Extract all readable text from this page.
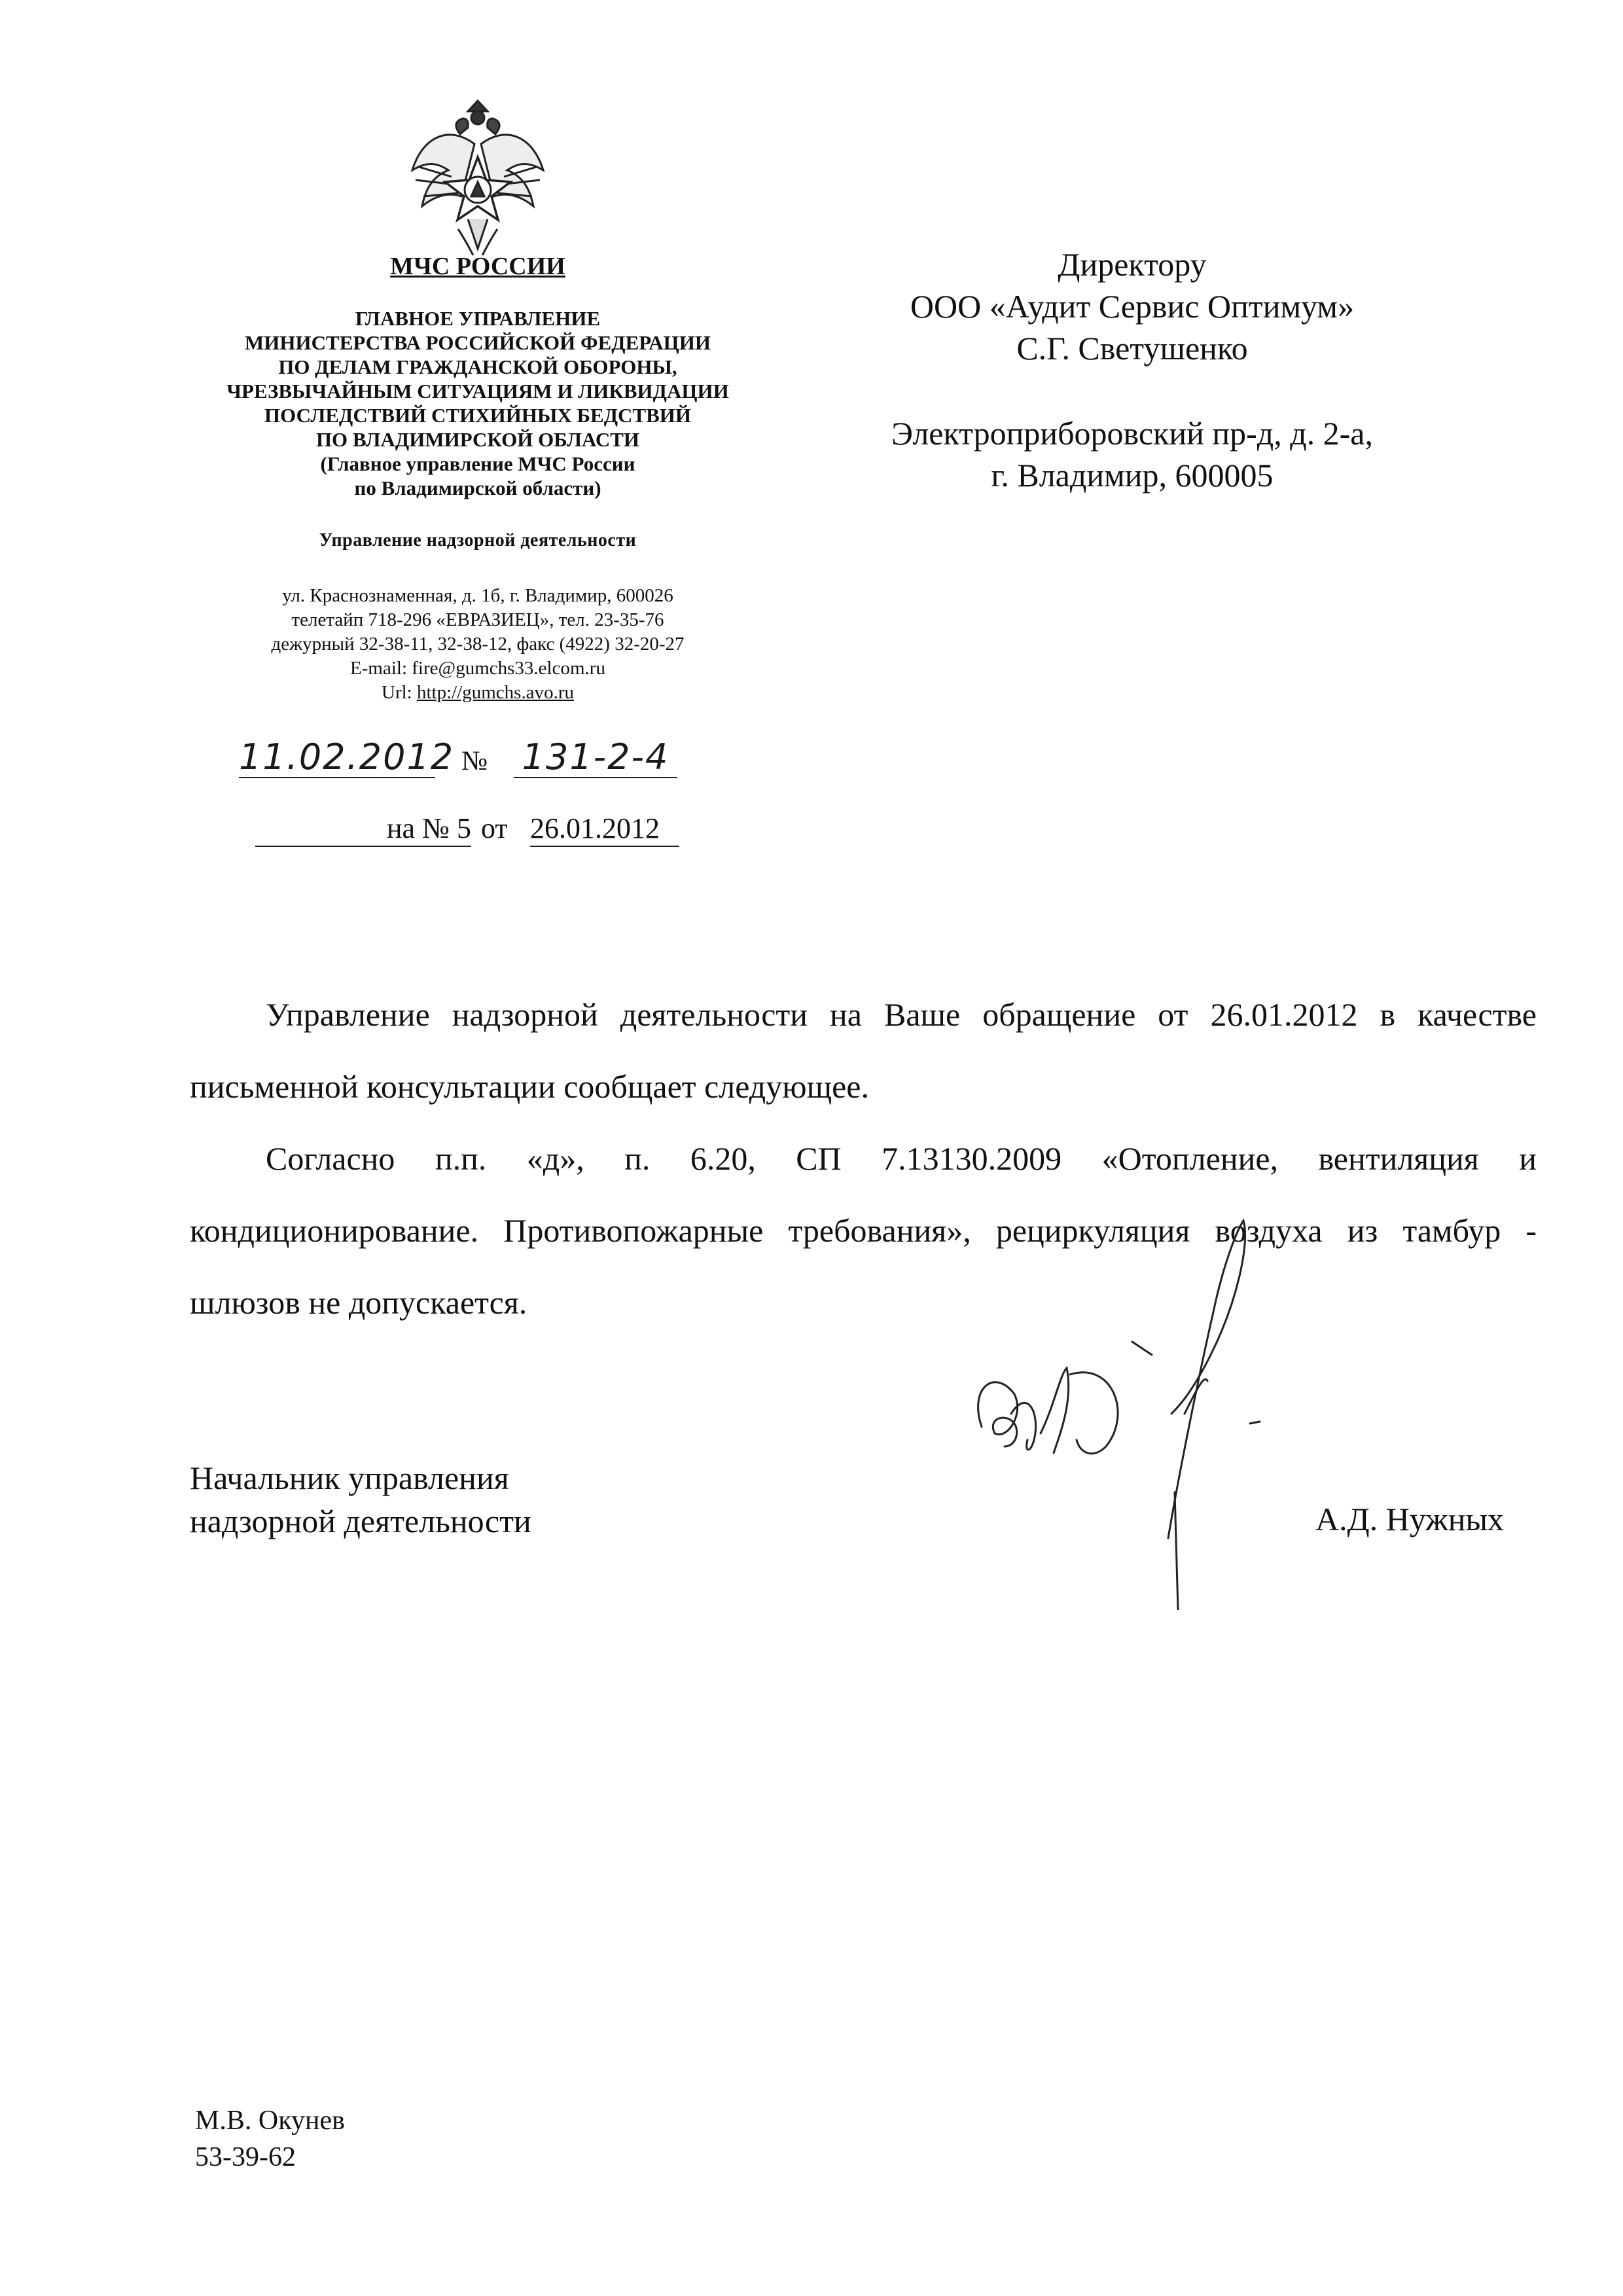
МЧС РОССИИ
ГЛАВНОЕ УПРАВЛЕНИЕ
МИНИСТЕРСТВА РОССИЙСКОЙ ФЕДЕРАЦИИ
ПО ДЕЛАМ ГРАЖДАНСКОЙ ОБОРОНЫ,
ЧРЕЗВЫЧАЙНЫМ СИТУАЦИЯМ И ЛИКВИДАЦИИ
ПОСЛЕДСТВИЙ СТИХИЙНЫХ БЕДСТВИЙ
ПО ВЛАДИМИРСКОЙ ОБЛАСТИ
(Главное управление МЧС России
по Владимирской области)
Управление надзорной деятельности
ул. Краснознаменная, д. 1б, г. Владимир, 600026
телетайп 718-296 «ЕВРАЗИЕЦ», тел. 23-35-76
дежурный 32-38-11, 32-38-12, факс (4922) 32-20-27
E-mail: fire@gumchs33.elcom.ru
Url: http://gumchs.avo.ru
11.02.2012 № 131-2-4
на № 5 от 26.01.2012
Директору
ООО «Аудит Сервис Оптимум»
С.Г. Светушенко
Электроприборовский пр-д, д. 2-а,
г. Владимир, 600005

Управление надзорной деятельности на Ваше обращение от 26.01.2012 в качестве письменной консультации сообщает следующее.

Согласно п.п. «д», п. 6.20, СП 7.13130.2009 «Отопление, вентиляция и кондиционирование. Противопожарные требования», рециркуляция воздуха из тамбур - шлюзов не допускается.

Начальник управления
надзорной деятельности	А.Д. Нужных
М.В. Окунев
53-39-62
